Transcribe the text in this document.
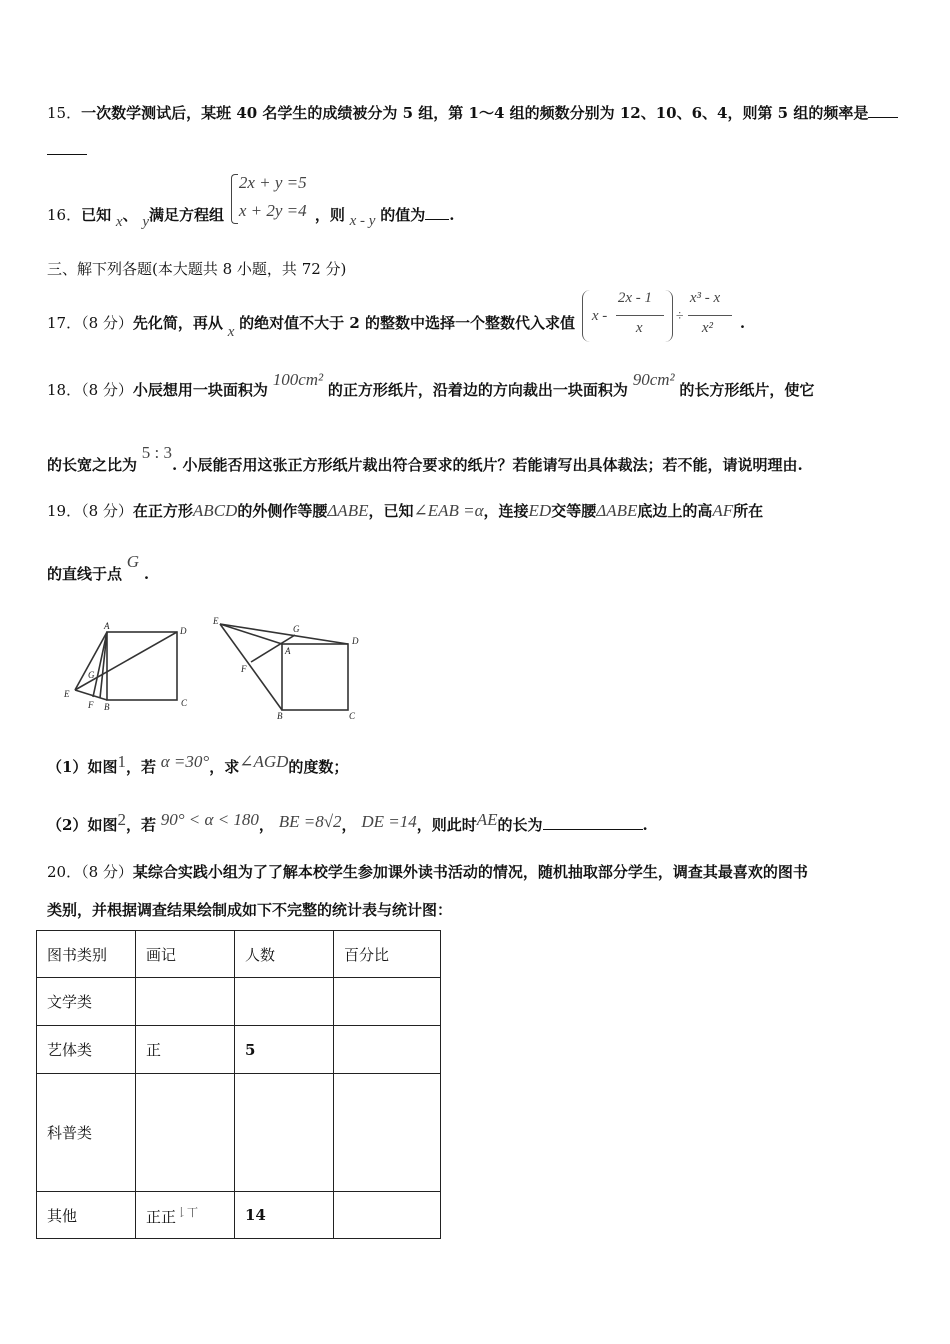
15．一次数学测试后，某班 40 名学生的成绩被分为 5 组，第 1～4 组的频数分别为 12、10、6、4，则第 5 组的频率是
16．已知 x、 y满足方程组
2x + y =5
x + 2y =4 ，则 x - y 的值为 .
三、解下列各题(本大题共 8 小题，共 72 分)
17．（8 分）先化简，再从 x 的绝对值不大于 2 的整数中选择一个整数代入求值 x -
2x - 1
x
÷
x³ - x
x² .
18．（8 分）小辰想用一块面积为 100cm² 的正方形纸片，沿着边的方向裁出一块面积为 90cm² 的长方形纸片，使它
的长宽之比为 5 : 3. 小辰能否用这张正方形纸片裁出符合要求的纸片？若能请写出具体裁法；若不能，请说明理由.
19．（8 分）在正方形ABCD的外侧作等腰ΔABE，已知∠EAB =α，连接ED交等腰ΔABE底边上的高AF所在
的直线于点 G .
A	D
G
E
F B	C
E
G
D
A
F
B	C
（1）如图1，若 α =30°，求∠AGD的度数；
（2）如图2，若 90° < α < 180， BE =8√2， DE =14，则此时AE的长为	.
20．（8 分）某综合实践小组为了了解本校学生参加课外读书活动的情况，随机抽取部分学生，调查其最喜欢的图书
类别，并根据调查结果绘制成如下不完整的统计表与统计图：
图书类别	画记	人数	百分比
文学类			
艺体类	正	5	
科普类			
其他	正正$^{𠄌丅}$	14	
